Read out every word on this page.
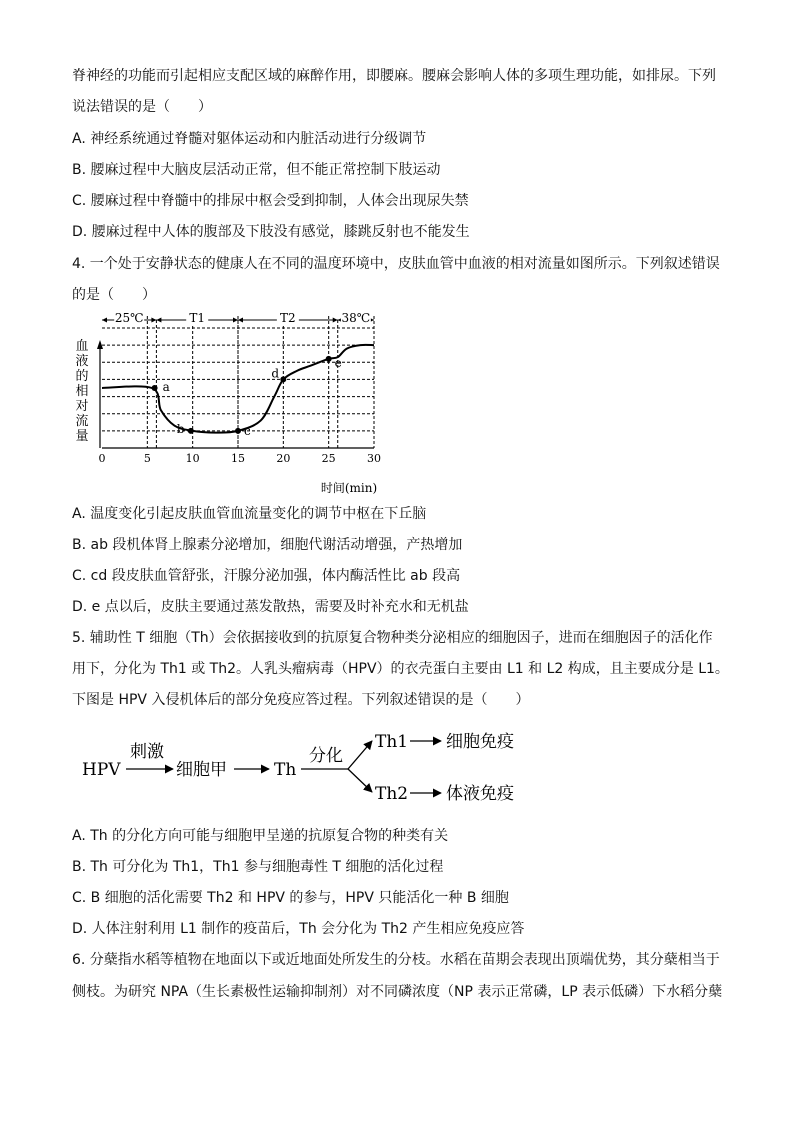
脊神经的功能而引起相应支配区域的麻醉作用，即腰麻。腰麻会影响人体的多项生理功能，如排尿。下列
说法错误的是（　　）
A. 神经系统通过脊髓对躯体运动和内脏活动进行分级调节
B. 腰麻过程中大脑皮层活动正常，但不能正常控制下肢运动
C. 腰麻过程中脊髓中的排尿中枢会受到抑制，人体会出现尿失禁
D. 腰麻过程中人体的腹部及下肢没有感觉，膝跳反射也不能发生
4. 一个处于安静状态的健康人在不同的温度环境中，皮肤血管中血液的相对流量如图所示。下列叙述错误
的是（　　）
25℃	T1	T2	38℃
血
液
的
相
对
流
量
0	5	10	15	20	25	30
时间(min)
a
b	c
d
e
A. 温度变化引起皮肤血管血流量变化的调节中枢在下丘脑
B. ab 段机体肾上腺素分泌增加，细胞代谢活动增强，产热增加
C. cd 段皮肤血管舒张，汗腺分泌加强，体内酶活性比 ab 段高
D. e 点以后，皮肤主要通过蒸发散热，需要及时补充水和无机盐
5. 辅助性 T 细胞（Th）会依据接收到的抗原复合物种类分泌相应的细胞因子，进而在细胞因子的活化作
用下，分化为 Th1 或 Th2。人乳头瘤病毒（HPV）的衣壳蛋白主要由 L1 和 L2 构成，且主要成分是 L1。
下图是 HPV 入侵机体后的部分免疫应答过程。下列叙述错误的是（　　）
HPV
刺激
细胞甲	Th
分化
Th1 细胞免疫
Th2 体液免疫
A. Th 的分化方向可能与细胞甲呈递的抗原复合物的种类有关
B. Th 可分化为 Th1，Th1 参与细胞毒性 T 细胞的活化过程
C. B 细胞的活化需要 Th2 和 HPV 的参与，HPV 只能活化一种 B 细胞
D. 人体注射利用 L1 制作的疫苗后，Th 会分化为 Th2 产生相应免疫应答
6. 分蘖指水稻等植物在地面以下或近地面处所发生的分枝。水稻在苗期会表现出顶端优势，其分蘖相当于
侧枝。为研究 NPA（生长素极性运输抑制剂）对不同磷浓度（NP 表示正常磷，LP 表示低磷）下水稻分蘖
